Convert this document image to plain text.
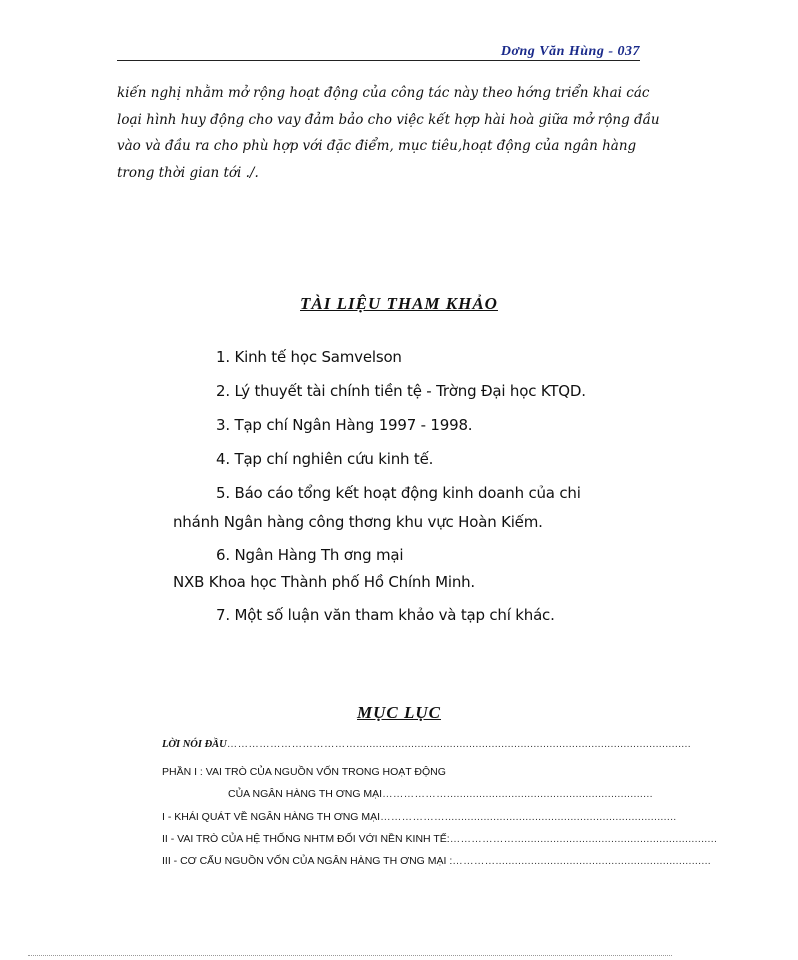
Dơng Văn Hùng - 037
kiến nghị nhằm mở rộng hoạt động của công tác này theo hớng triển khai các
loại hình huy động cho vay đảm bảo cho việc kết hợp hài hoà giữa mở rộng đầu
vào và đầu ra cho phù hợp với đặc điểm, mục tiêu,hoạt động của ngân hàng
trong thời gian tới ./.
TÀI LIỆU THAM KHẢO
1. Kinh tế học Samvelson
2. Lý thuyết tài chính tiền tệ - Trờng Đại học KTQD.
3. Tạp chí Ngân Hàng 1997 - 1998.
4. Tạp chí nghiên cứu kinh tế.
5. Báo cáo tổng kết hoạt động kinh doanh của chi
nhánh Ngân hàng công thơng khu vực Hoàn Kiếm.
6. Ngân Hàng Th ơng mại
NXB Khoa học Thành phố Hồ Chính Minh.
7. Một số luận văn tham khảo và tạp chí khác.
MỤC LỤC
LỜI NÓI ĐẦU ………………………………........................................................................................................
PHẦN I : VAI TRÒ CỦA NGUỒN VỐN TRONG HOẠT ĐỘNG
CỦA NGÂN HÀNG TH ƠNG MẠI ………………................................................................
I - KHÁI QUÁT VỀ NGÂN HÀNG TH ƠNG MẠI ………………........................................................................
II - VAI TRÒ CỦA HỆ THỐNG NHTM ĐỐI VỚI NỀN KINH TẾ: ………………...............................................................
III - CƠ CẤU NGUỒN VỐN CỦA NGÂN HÀNG TH ƠNG MẠI : …………...................................................................
